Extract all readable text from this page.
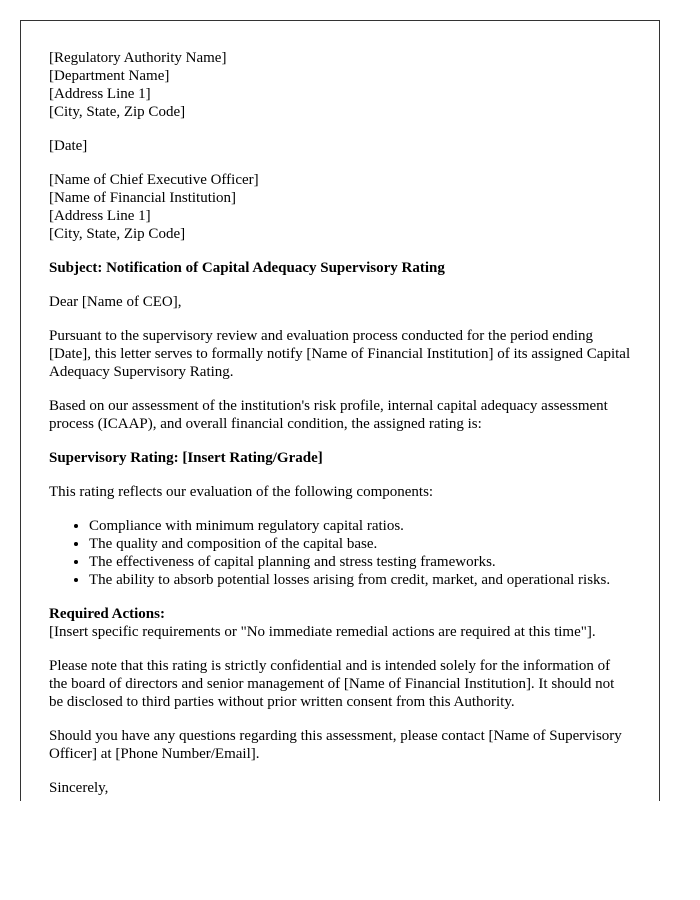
[Regulatory Authority Name]
[Department Name]
[Address Line 1]
[City, State, Zip Code]

[Date]

[Name of Chief Executive Officer]
[Name of Financial Institution]
[Address Line 1]
[City, State, Zip Code]

Subject: Notification of Capital Adequacy Supervisory Rating

Dear [Name of CEO],

Pursuant to the supervisory review and evaluation process conducted for the period ending [Date], this letter serves to formally notify [Name of Financial Institution] of its assigned Capital Adequacy Supervisory Rating.

Based on our assessment of the institution's risk profile, internal capital adequacy assessment process (ICAAP), and overall financial condition, the assigned rating is:

Supervisory Rating: [Insert Rating/Grade]

This rating reflects our evaluation of the following components:

• Compliance with minimum regulatory capital ratios.
• The quality and composition of the capital base.
• The effectiveness of capital planning and stress testing frameworks.
• The ability to absorb potential losses arising from credit, market, and operational risks.

Required Actions:
[Insert specific requirements or "No immediate remedial actions are required at this time"].

Please note that this rating is strictly confidential and is intended solely for the information of the board of directors and senior management of [Name of Financial Institution]. It should not be disclosed to third parties without prior written consent from this Authority.

Should you have any questions regarding this assessment, please contact [Name of Supervisory Officer] at [Phone Number/Email].

Sincerely,
